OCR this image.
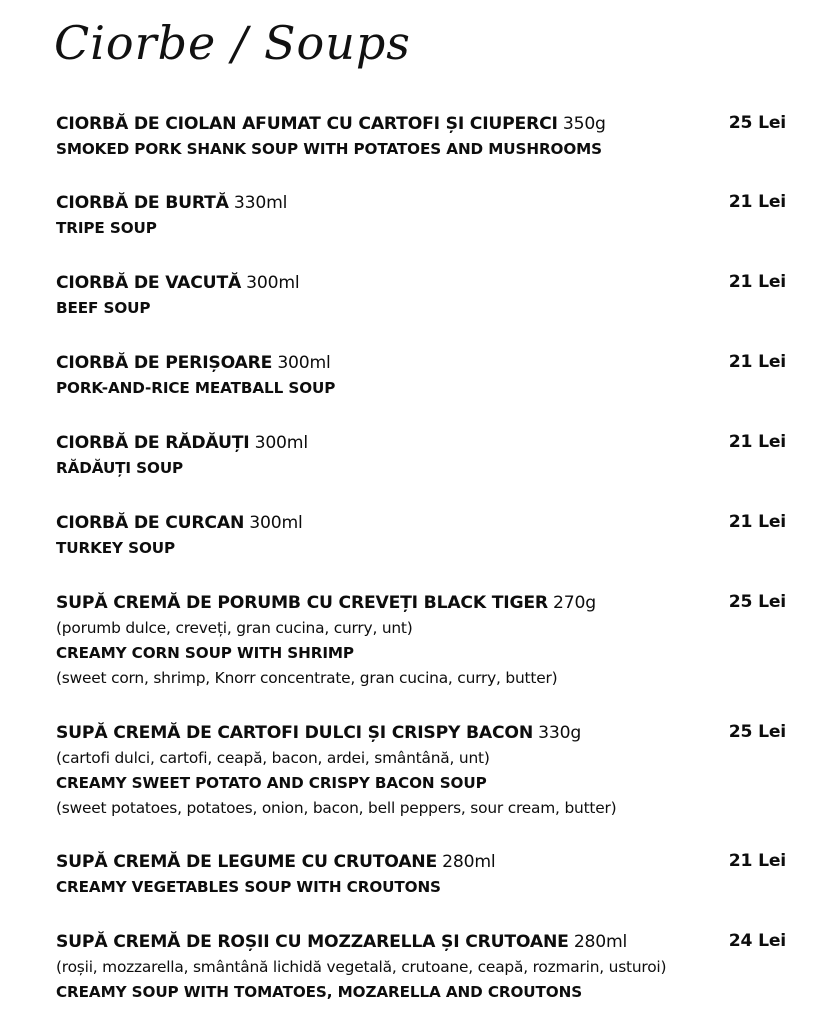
Ciorbe / Soups
CIORBĂ DE CIOLAN AFUMAT CU CARTOFI ȘI CIUPERCI 350g	25 Lei
SMOKED PORK SHANK SOUP WITH POTATOES AND MUSHROOMS
CIORBĂ DE BURTĂ 330ml	21 Lei
TRIPE SOUP
CIORBĂ DE VACUTĂ 300ml	21 Lei
BEEF SOUP
CIORBĂ DE PERIȘOARE 300ml	21 Lei
PORK-AND-RICE MEATBALL SOUP
CIORBĂ DE RĂDĂUȚI 300ml	21 Lei
RĂDĂUȚI SOUP
CIORBĂ DE CURCAN 300ml	21 Lei
TURKEY SOUP
SUPĂ CREMĂ DE PORUMB CU CREVEȚI BLACK TIGER 270g	25 Lei
(porumb dulce, creveți, gran cucina, curry, unt)
CREAMY CORN SOUP WITH SHRIMP
(sweet corn, shrimp, Knorr concentrate, gran cucina, curry, butter)
SUPĂ CREMĂ DE CARTOFI DULCI ȘI CRISPY BACON 330g	25 Lei
(cartofi dulci, cartofi, ceapă, bacon, ardei, smântână, unt)
CREAMY SWEET POTATO AND CRISPY BACON SOUP
(sweet potatoes, potatoes, onion, bacon, bell peppers, sour cream, butter)
SUPĂ CREMĂ DE LEGUME CU CRUTOANE 280ml	21 Lei
CREAMY VEGETABLES SOUP WITH CROUTONS
SUPĂ CREMĂ DE ROȘII CU MOZZARELLA ȘI CRUTOANE 280ml	24 Lei
(roșii, mozzarella, smântână lichidă vegetală, crutoane, ceapă, rozmarin, usturoi)
CREAMY SOUP WITH TOMATOES, MOZARELLA AND CROUTONS
